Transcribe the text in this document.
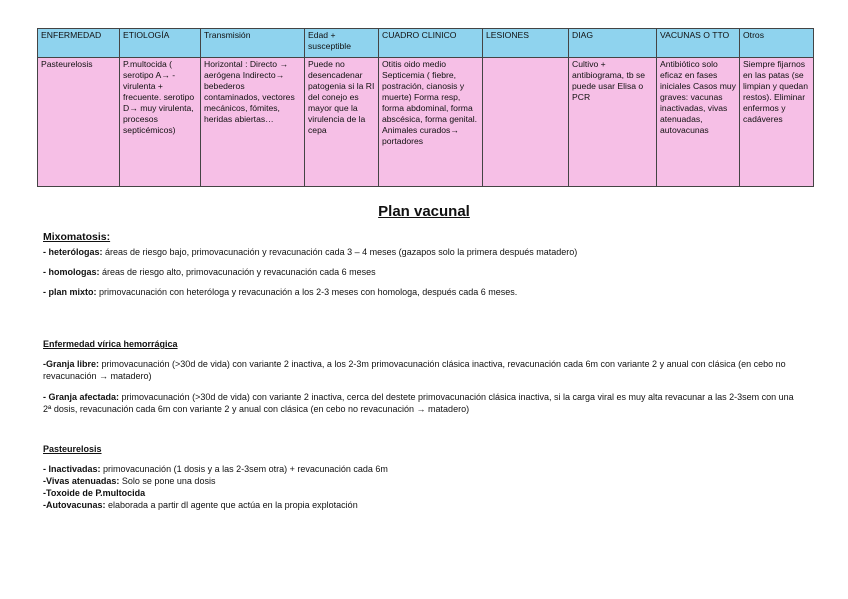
ENFERMEDAD	ETIOLOGÍA	Transmisión	Edad + susceptible	CUADRO CLINICO	LESIONES	DIAG	VACUNAS O TTO	Otros
Pasteurelosis	P.multocida ( serotipo A→ - virulenta + frecuente. serotipo D→ muy virulenta, procesos septicémicos)	Horizontal : Directo → aerógena Indirecto→ bebederos contaminados, vectores mecánicos, fómites, heridas abiertas…	Puede no desencadenar patogenia si la RI del conejo es mayor que la virulencia de la cepa	Otitis oido medio Septicemia ( fiebre, postración, cianosis y muerte) Forma resp, forma abdominal, forma abscésica, forma genital. Animales curados→ portadores		Cultivo + antibiograma, tb se puede usar Elisa o PCR	Antibiótico solo eficaz en fases iniciales Casos muy graves: vacunas inactivadas, vivas atenuadas, autovacunas	Siempre fijarnos en las patas (se limpian y quedan restos). Eliminar enfermos y cadáveres
Plan vacunal

Mixomatosis:

- heterólogas: áreas de riesgo bajo, primovacunación y revacunación cada 3 – 4 meses (gazapos solo la primera después matadero)

- homologas: áreas de riesgo alto, primovacunación y revacunación cada 6 meses

- plan mixto: primovacunación con heteróloga y revacunación a los 2-3 meses con homologa, después cada 6 meses.

Enfermedad vírica hemorrágica

-Granja libre: primovacunación (>30d de vida) con variante 2 inactiva, a los 2-3m primovacunación clásica inactiva, revacunación cada 6m con variante 2 y anual con clásica (en cebo no revacunación → matadero)

- Granja afectada: primovacunación (>30d de vida) con variante 2 inactiva, cerca del destete primovacunación clásica inactiva, si la carga viral es muy alta revacunar a las 2-3sem con una 2ª dosis, revacunación cada 6m con variante 2 y anual con clásica (en cebo no revacunación → matadero)

Pasteurelosis

- Inactivadas: primovacunación (1 dosis y a las 2-3sem otra) + revacunación cada 6m

-Vivas atenuadas: Solo se pone una dosis

-Toxoide de P.multocida

-Autovacunas: elaborada a partir dl agente que actúa en la propia explotación
